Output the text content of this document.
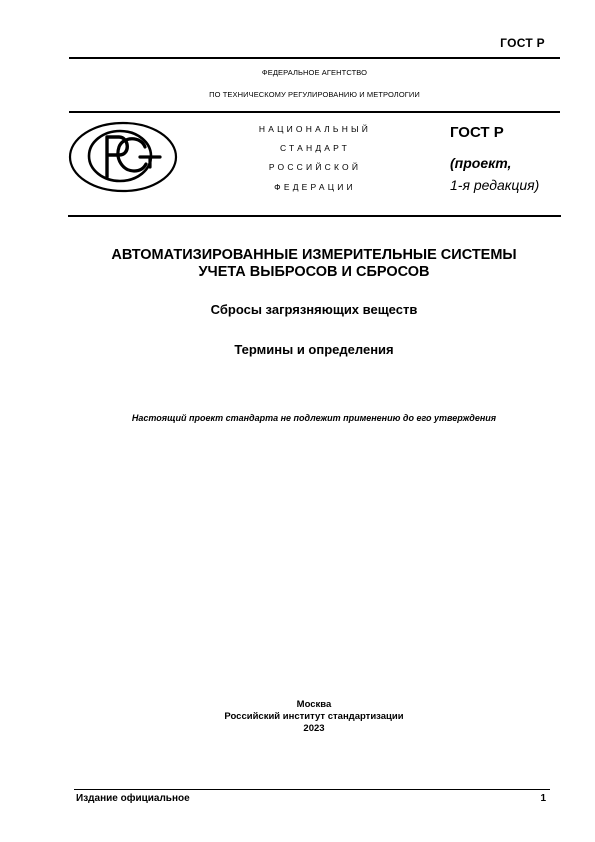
ГОСТ Р
ФЕДЕРАЛЬНОЕ АГЕНТСТВО
ПО ТЕХНИЧЕСКОМУ РЕГУЛИРОВАНИЮ И МЕТРОЛОГИИ
НАЦИОНАЛЬНЫЙ
СТАНДАРТ
РОССИЙСКОЙ
ФЕДЕРАЦИИ
ГОСТ Р
(проект,
1-я редакция)
АВТОМАТИЗИРОВАННЫЕ ИЗМЕРИТЕЛЬНЫЕ СИСТЕМЫ
УЧЕТА ВЫБРОСОВ И СБРОСОВ
Сбросы загрязняющих веществ
Термины и определения
Настоящий проект стандарта не подлежит применению до его утверждения
Москва
Российский институт стандартизации
2023
Издание официальное	1
